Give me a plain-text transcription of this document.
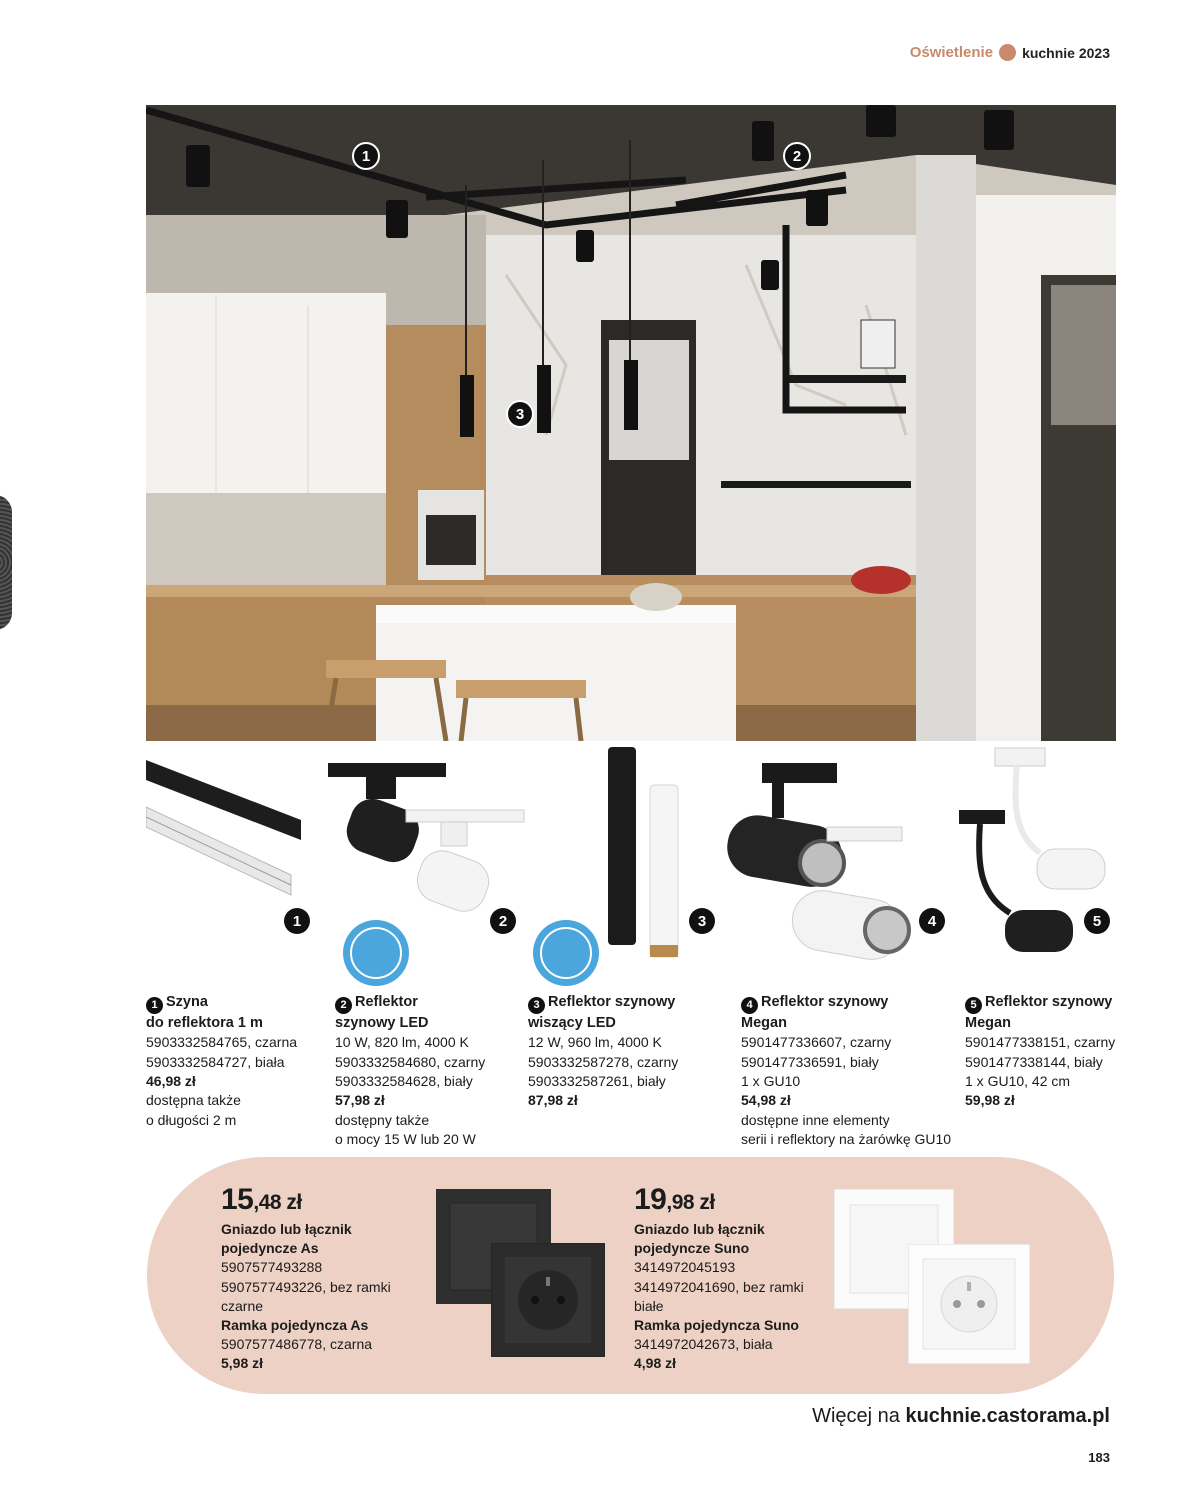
Oświetlenie kuchnie 2023
1	2
3
1	2	3	4	5
1 Szyna
do reflektora 1 m
5903332584765, czarna
5903332584727, biała
46,98 zł
dostępna także
o długości 2 m
2 Reflektor
szynowy LED
10 W, 820 lm, 4000 K
5903332584680, czarny
5903332584628, biały
57,98 zł
dostępny także
o mocy 15 W lub 20 W
3 Reflektor szynowy
wiszący LED
12 W, 960 lm, 4000 K
5903332587278, czarny
5903332587261, biały
87,98 zł
4 Reflektor szynowy
Megan
5901477336607, czarny
5901477336591, biały
1 x GU10
54,98 zł
dostępne inne elementy
serii i reflektory na żarówkę GU10
5 Reflektor szynowy
Megan
5901477338151, czarny
5901477338144, biały
1 x GU10, 42 cm
59,98 zł
15,48 zł
Gniazdo lub łącznik
pojedyncze As
5907577493288
5907577493226, bez ramki
czarne
Ramka pojedyncza As
5907577486778, czarna
5,98 zł
19,98 zł
Gniazdo lub łącznik
pojedyncze Suno
3414972045193
3414972041690, bez ramki
białe
Ramka pojedyncza Suno
3414972042673, biała
4,98 zł
Więcej na kuchnie.castorama.pl
183
